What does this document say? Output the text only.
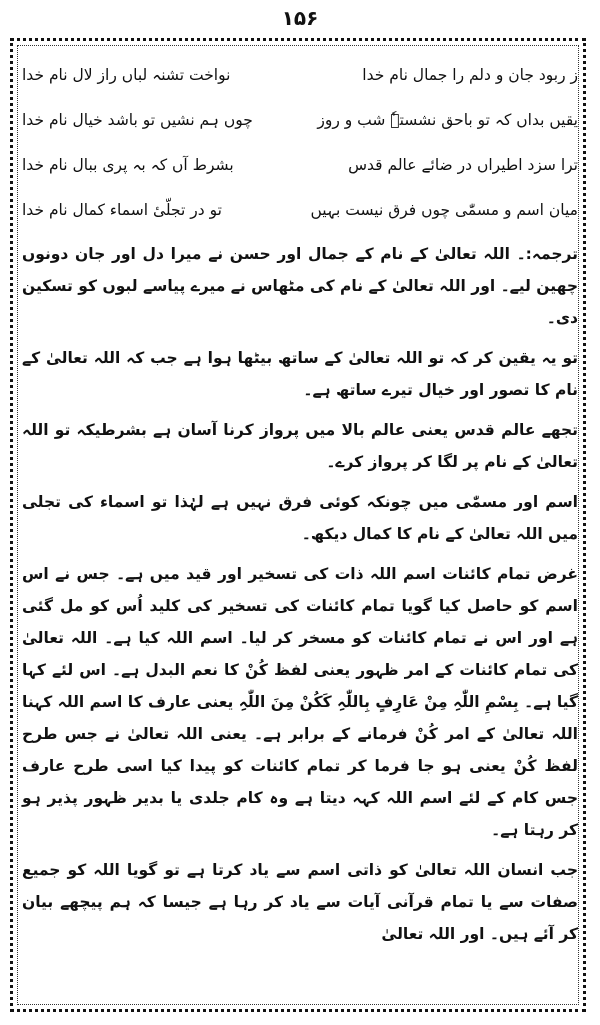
۱۵۶
ز ربود جان و دلم را جمال نام خدا
نواخت تشنہ لباں راز لال نام خدا
یقیں بداں کہ تو باحق نشستہٗ شب و روز
چوں ہم نشیں تو باشد خیال نام خدا
ترا سزد اطیراں در ضائے عالم قدس
بشرط آں کہ بہ پری ببال نام خدا
میان اسم و مسمّٰی چوں فرق نیست بہیں
تو در تجلّیٔ اسماء کمال نام خدا

ترجمہ:۔ اللہ تعالیٰ کے نام کے جمال اور حسن نے میرا دل اور جان دونوں چھین لیے۔ اور اللہ تعالیٰ کے نام کی مٹھاس نے میرے پیاسے لبوں کو تسکین دی۔

تو یہ یقین کر کہ تو اللہ تعالیٰ کے ساتھ بیٹھا ہوا ہے جب کہ اللہ تعالیٰ کے نام کا تصور اور خیال تیرے ساتھ ہے۔

تجھے عالم قدس یعنی عالم بالا میں پرواز کرنا آسان ہے بشرطیکہ تو اللہ تعالیٰ کے نام پر لگا کر پرواز کرے۔

اسم اور مسمّٰی میں چونکہ کوئی فرق نہیں ہے لہٰذا تو اسماء کی تجلی میں اللہ تعالیٰ کے نام کا کمال دیکھ۔

غرض تمام کائنات اسم اللہ ذات کی تسخیر اور قید میں ہے۔ جس نے اس اسم کو حاصل کیا گویا تمام کائنات کی تسخیر کی کلید اُس کو مل گئی ہے اور اس نے تمام کائنات کو مسخر کر لیا۔ اسم اللہ کیا ہے۔ اللہ تعالیٰ کی تمام کائنات کے امر ظہور یعنی لفظ کُنْ کا نعم البدل ہے۔ اس لئے کہا گیا ہے۔ بِسْمِ اللّٰہِ مِنْ عَارِفٍ بِاللّٰہِ کَکُنْ مِنَ اللّٰہِ یعنی عارف کا اسم اللہ کہنا اللہ تعالیٰ کے امر کُنْ فرمانے کے برابر ہے۔ یعنی اللہ تعالیٰ نے جس طرح لفظ کُنْ یعنی ہو جا فرما کر تمام کائنات کو پیدا کیا اسی طرح عارف جس کام کے لئے اسم اللہ کہہ دیتا ہے وہ کام جلدی یا بدیر ظہور پذیر ہو کر رہتا ہے۔

جب انسان اللہ تعالیٰ کو ذاتی اسم سے یاد کرتا ہے تو گویا اللہ کو جمیع صفات سے یا تمام قرآنی آیات سے یاد کر رہا ہے جیسا کہ ہم پیچھے بیان کر آئے ہیں۔ اور اللہ تعالیٰ
